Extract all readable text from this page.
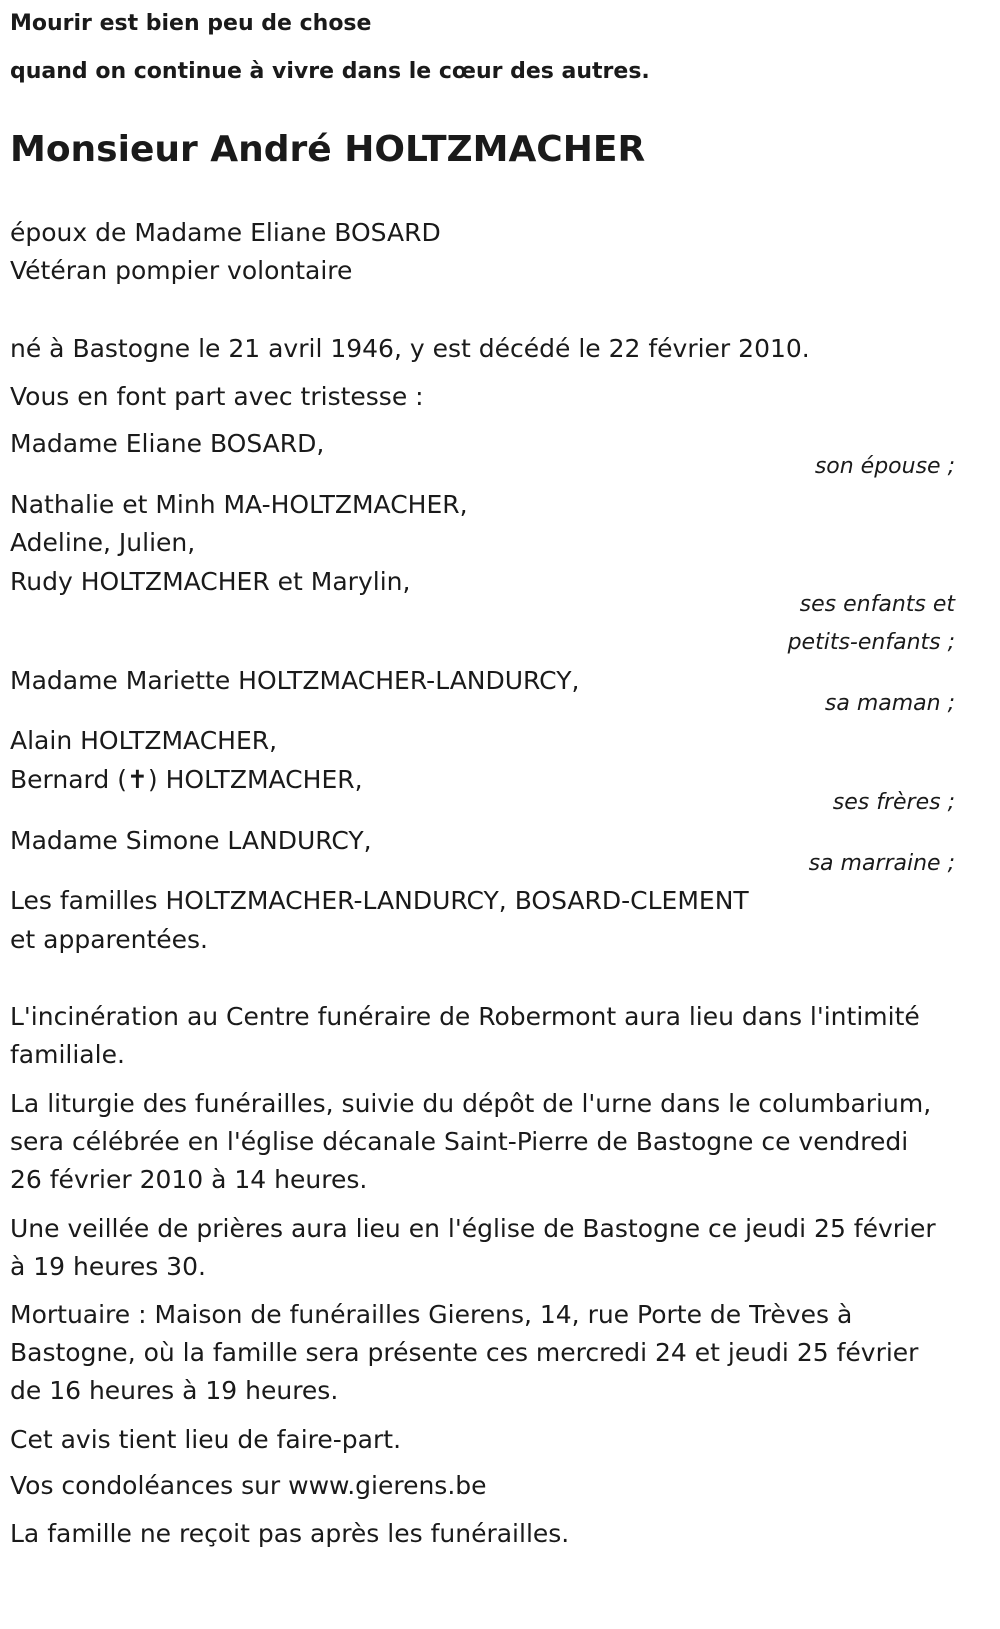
Mourir est bien peu de chose

quand on continue à vivre dans le cœur des autres.

Monsieur André HOLTZMACHER

époux de Madame Eliane BOSARD

Vétéran pompier volontaire

né à Bastogne le 21 avril 1946, y est décédé le 22 février 2010.

Vous en font part avec tristesse :

Madame Eliane BOSARD,

son épouse ;

Nathalie et Minh MA-HOLTZMACHER,

Adeline, Julien,

Rudy HOLTZMACHER et Marylin,

ses enfants et

petits-enfants ;

Madame Mariette HOLTZMACHER-LANDURCY,

sa maman ;

Alain HOLTZMACHER,

Bernard (✝) HOLTZMACHER,

ses frères ;

Madame Simone LANDURCY,

sa marraine ;

Les familles HOLTZMACHER-LANDURCY, BOSARD-CLEMENT

et apparentées.

L'incinération au Centre funéraire de Robermont aura lieu dans l'intimité

familiale.

La liturgie des funérailles, suivie du dépôt de l'urne dans le columbarium,

sera célébrée en l'église décanale Saint-Pierre de Bastogne ce vendredi

26 février 2010 à 14 heures.

Une veillée de prières aura lieu en l'église de Bastogne ce jeudi 25 février

à 19 heures 30.

Mortuaire : Maison de funérailles Gierens, 14, rue Porte de Trèves à

Bastogne, où la famille sera présente ces mercredi 24 et jeudi 25 février

de 16 heures à 19 heures.

Cet avis tient lieu de faire-part.

Vos condoléances sur www.gierens.be

La famille ne reçoit pas après les funérailles.
